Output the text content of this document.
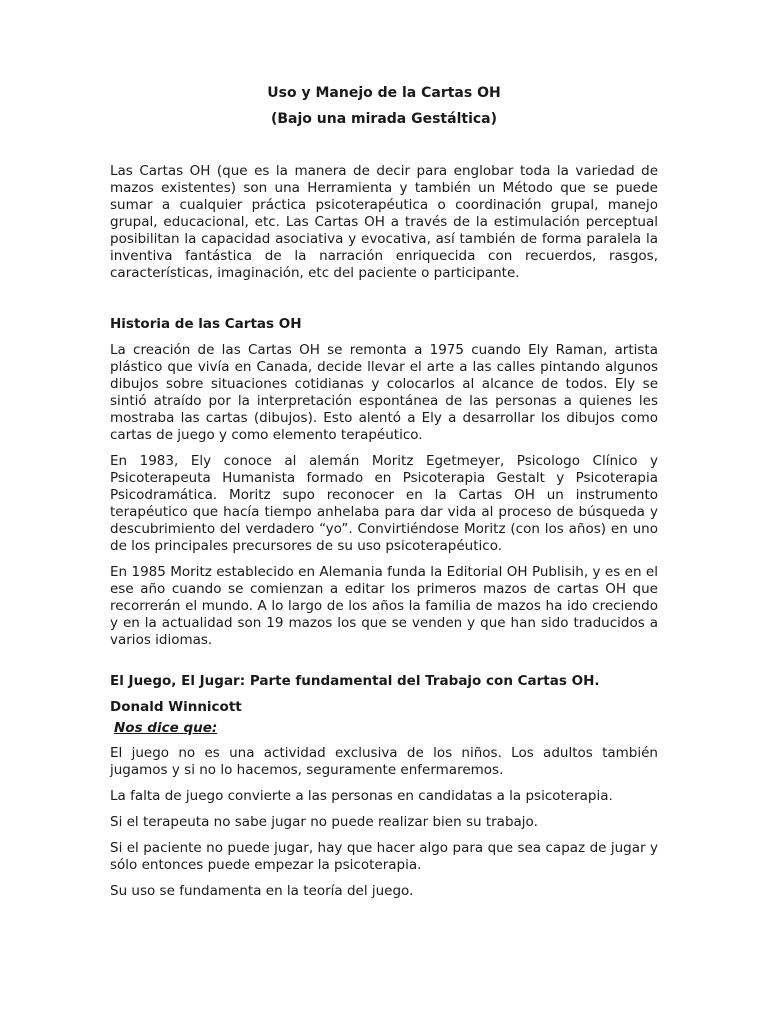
Uso y Manejo de la Cartas OH
(Bajo una mirada Gestáltica)

Las Cartas OH (que es la manera de decir para englobar toda la variedad de mazos existentes) son una Herramienta y también un Método que se puede sumar a cualquier práctica psicoterapéutica o coordinación grupal, manejo grupal, educacional, etc. Las Cartas OH a través de la estimulación perceptual posibilitan la capacidad asociativa y evocativa, así también de forma paralela la inventiva fantástica de la narración enriquecida con recuerdos, rasgos, características, imaginación, etc del paciente o participante.

Historia de las Cartas OH

La creación de las Cartas OH se remonta a 1975 cuando Ely Raman, artista plástico que vivía en Canada, decide llevar el arte a las calles pintando algunos dibujos sobre situaciones cotidianas y colocarlos al alcance de todos. Ely se sintió atraído por la interpretación espontánea de las personas a quienes les mostraba las cartas (dibujos). Esto alentó a Ely a desarrollar los dibujos como cartas de juego y como elemento terapéutico.

En 1983, Ely conoce al alemán Moritz Egetmeyer, Psicologo Clínico y Psicoterapeuta Humanista formado en Psicoterapia Gestalt y Psicoterapia Psicodramática. Moritz supo reconocer en la Cartas OH un instrumento terapéutico que hacía tiempo anhelaba para dar vida al proceso de búsqueda y descubrimiento del verdadero “yo”. Convirtiéndose Moritz (con los años) en uno de los principales precursores de su uso psicoterapéutico.

En 1985 Moritz establecido en Alemania funda la Editorial OH Publisih, y es en el ese año cuando se comienzan a editar los primeros mazos de cartas OH que recorrerán el mundo. A lo largo de los años la familia de mazos ha ido creciendo y en la actualidad son 19 mazos los que se venden y que han sido traducidos a varios idiomas.

El Juego, El Jugar: Parte fundamental del Trabajo con Cartas OH.

Donald Winnicott

Nos dice que:

El juego no es una actividad exclusiva de los niños. Los adultos también jugamos y si no lo hacemos, seguramente enfermaremos.

La falta de juego convierte a las personas en candidatas a la psicoterapia.

Si el terapeuta no sabe jugar no puede realizar bien su trabajo.

Si el paciente no puede jugar, hay que hacer algo para que sea capaz de jugar y sólo entonces puede empezar la psicoterapia.

Su uso se fundamenta en la teoría del juego.
